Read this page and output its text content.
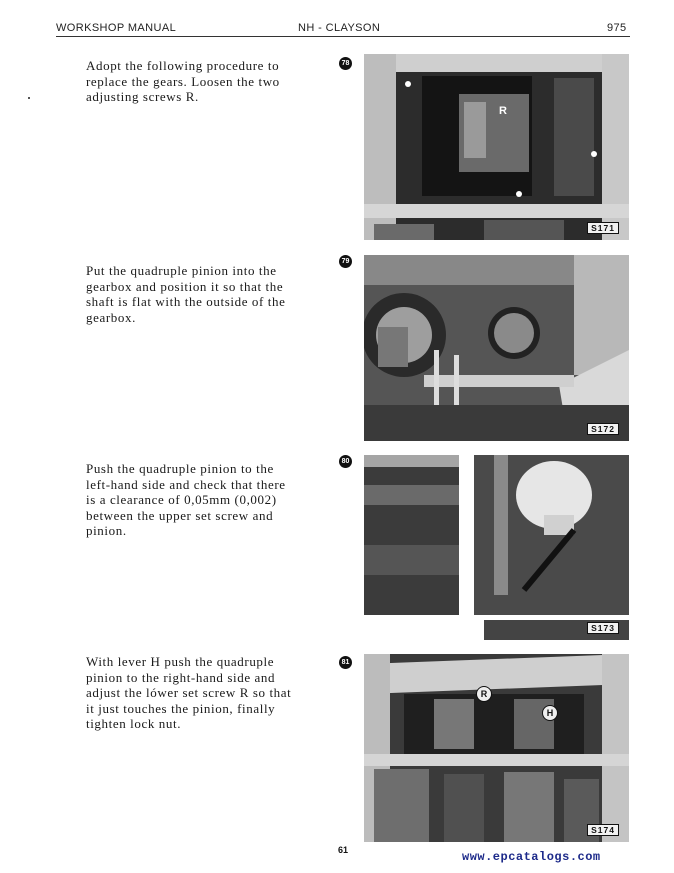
WORKSHOP MANUAL	NH - CLAYSON	975
Adopt the following procedure to
replace the gears. Loosen the two
adjusting screws R.
78
R
S171
Put the quadruple pinion into the
gearbox and position it so that the
shaft is flat with the outside of the
gearbox.
79
S172
Push the quadruple pinion to the
left-hand side and check that there
is a clearance of 0,05mm (0,002)
between the upper set screw and
pinion.
80
S173
With lever H push the quadruple
pinion to the right-hand side and
adjust the lówer set screw R so that
it just touches the pinion, finally
tighten lock nut.
81
R
H
S174
61	www.epcatalogs.com
